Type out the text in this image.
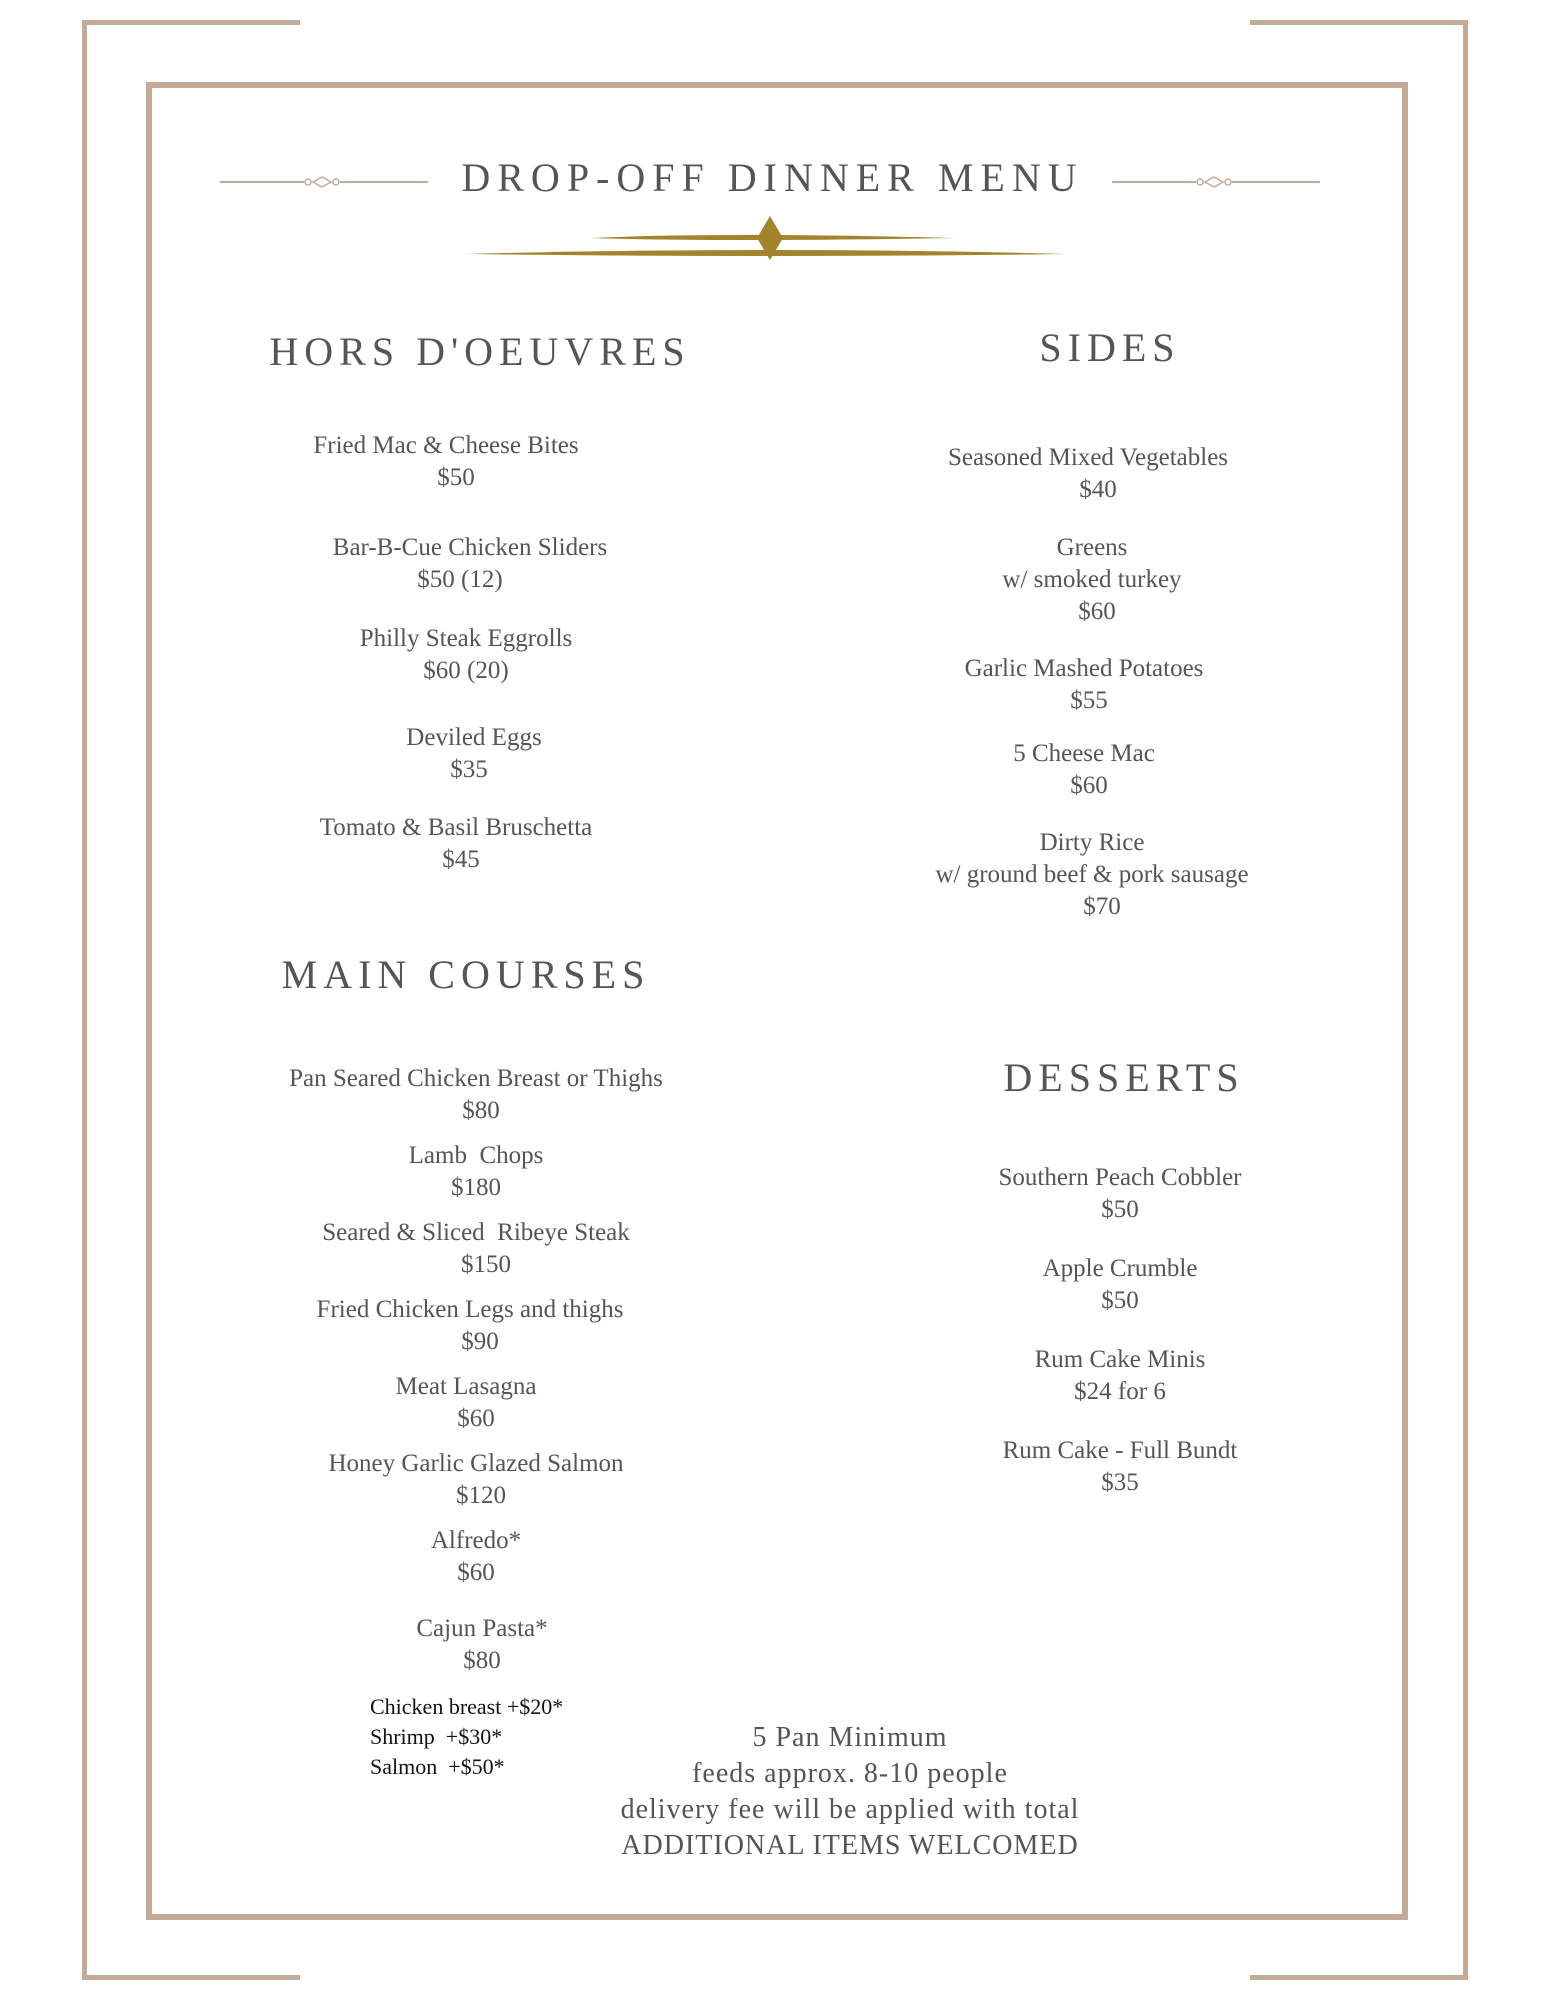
DROP-OFF DINNER MENU
HORS D'OEUVRES
Fried Mac & Cheese Bites
$50
Bar-B-Cue Chicken Sliders
$50 (12)
Philly Steak Eggrolls
$60 (20)
Deviled Eggs
$35
Tomato & Basil Bruschetta
$45
SIDES
Seasoned Mixed Vegetables
$40
Greens
w/ smoked turkey
$60
Garlic Mashed Potatoes
$55
5 Cheese Mac
$60
Dirty Rice
w/ ground beef & pork sausage
$70
MAIN COURSES
Pan Seared Chicken Breast or Thighs
$80
Lamb  Chops
$180
Seared & Sliced  Ribeye Steak
$150
Fried Chicken Legs and thighs
$90
Meat Lasagna
$60
Honey Garlic Glazed Salmon
$120
Alfredo*
$60
Cajun Pasta*
$80
Chicken breast +$20*
Shrimp  +$30*
Salmon  +$50*
DESSERTS
Southern Peach Cobbler
$50
Apple Crumble
$50
Rum Cake Minis
$24 for 6
Rum Cake - Full Bundt
$35
5 Pan Minimum
feeds approx. 8-10 people
delivery fee will be applied with total
ADDITIONAL ITEMS WELCOMED
